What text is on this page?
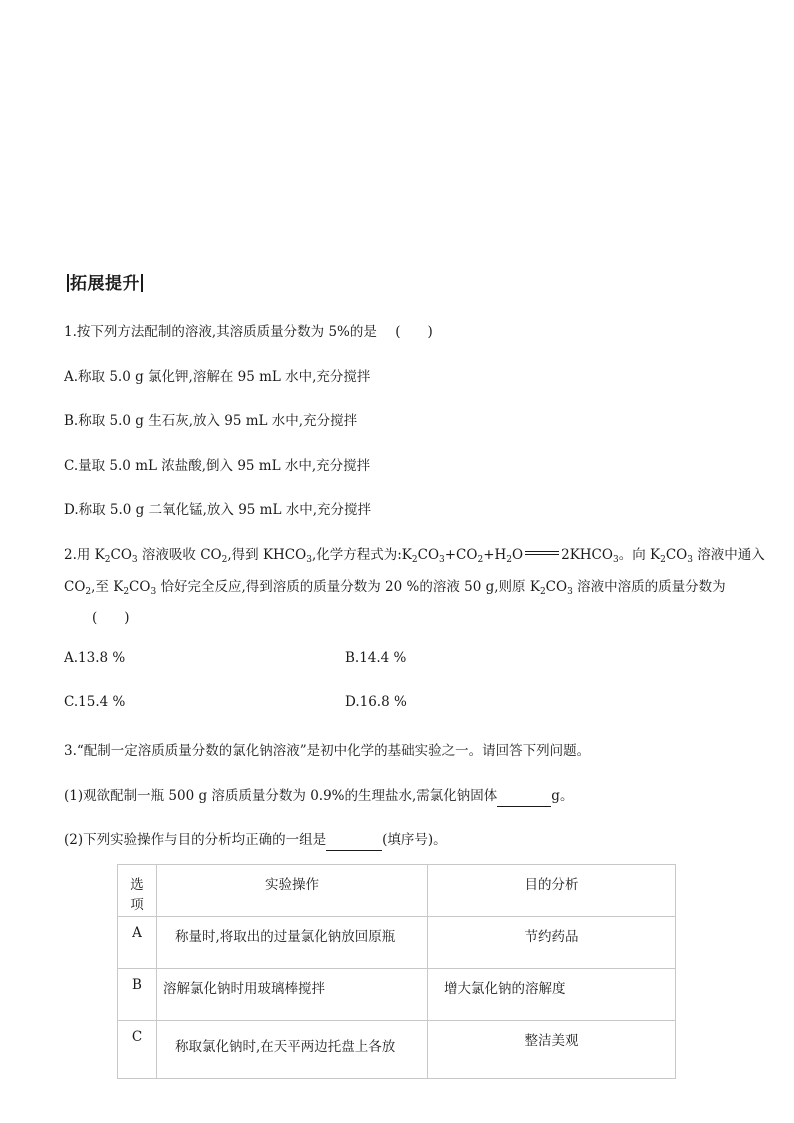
拓展提升
1.按下列方法配制的溶液,其溶质质量分数为 5%的是 (　　)
A.称取 5.0 g 氯化钾,溶解在 95 mL 水中,充分搅拌
B.称取 5.0 g 生石灰,放入 95 mL 水中,充分搅拌
C.量取 5.0 mL 浓盐酸,倒入 95 mL 水中,充分搅拌
D.称取 5.0 g 二氧化锰,放入 95 mL 水中,充分搅拌
2.用 $K_2CO_3$ 溶液吸收 $CO_2$,得到 $KHCO_3$,化学方程式为$:K_2CO_3+CO_2+H_2O$	$2KHCO_3$。向 $K_2CO_3$ 溶液中通入
$CO_2$,至 $K_2CO_3$ 恰好完全反应,得到溶质的质量分数为 20 %的溶液 50 g,则原 $K_2CO_3$ 溶液中溶质的质量分数为
(　　)
A.13.8 %	B.14.4 %
C.15.4 %	D.16.8 %
3.“配制一定溶质质量分数的氯化钠溶液”是初中化学的基础实验之一。请回答下列问题。
(1)观欲配制一瓶 500 g 溶质质量分数为 0.9%的生理盐水,需氯化钠固体	g。
(2)下列实验操作与目的分析均正确的一组是	(填序号)。
选项	实验操作	目的分析
A	称量时,将取出的过量氯化钠放回原瓶	节约药品
B	溶解氯化钠时用玻璃棒搅拌	增大氯化钠的溶解度
C	称取氯化钠时,在天平两边托盘上各放	整洁美观
